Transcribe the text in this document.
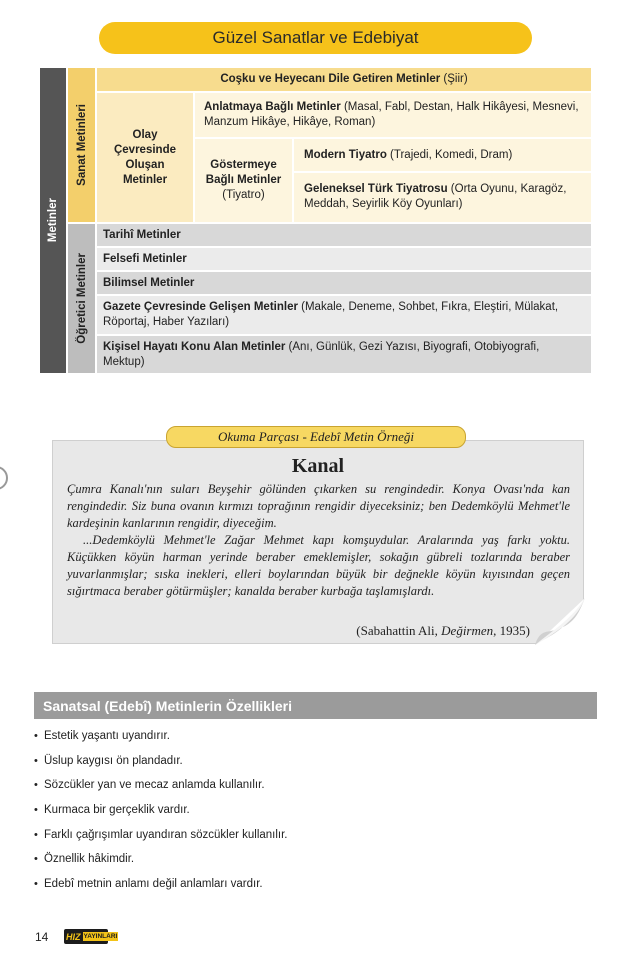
Güzel Sanatlar ve Edebiyat
Metinler
Sanat Metinleri
Öğretici Metinler
Coşku ve Heyecanı Dile Getiren Metinler (Şiir)
Olay Çevresinde Oluşan Metinler
Anlatmaya Bağlı Metinler (Masal, Fabl, Destan, Halk Hikâyesi, Mesnevi, Manzum Hikâye, Hikâye, Roman)
Göstermeye Bağlı Metinler
(Tiyatro)
Modern Tiyatro (Trajedi, Komedi, Dram)
Geleneksel Türk Tiyatrosu (Orta Oyunu, Karagöz, Meddah, Seyirlik Köy Oyunları)
Tarihî Metinler
Felsefi Metinler
Bilimsel Metinler
Gazete Çevresinde Gelişen Metinler (Makale, Deneme, Sohbet, Fıkra, Eleştiri, Mülakat, Röportaj, Haber Yazıları)
Kişisel Hayatı Konu Alan Metinler (Anı, Günlük, Gezi Yazısı, Biyografi, Otobiyografi, Mektup)
Okuma Parçası - Edebî Metin Örneği
Kanal

Çumra Kanalı'nın suları Beyşehir gölünden çıkarken su rengindedir. Konya Ovası'nda kan rengindedir. Siz buna ovanın kırmızı toprağının rengidir diyeceksiniz; ben Dedemköylü Mehmet'le kardeşinin kanlarının rengidir, diyeceğim.

...Dedemköylü Mehmet'le Zağar Mehmet kapı komşuydular. Aralarında yaş farkı yoktu. Küçükken köyün harman yerinde beraber emeklemişler, sokağın gübreli tozlarında beraber yuvarlanmışlar; sıska inekleri, elleri boylarından büyük bir değnekle köyün kıyısından geçen sığırtmaca beraber götürmüşler; kanalda beraber kurbağa taşlamışlardı.

(Sabahattin Ali, Değirmen, 1935)
Sanatsal (Edebî) Metinlerin Özellikleri
• Estetik yaşantı uyandırır.
• Üslup kaygısı ön plandadır.
• Sözcükler yan ve mecaz anlamda kullanılır.
• Kurmaca bir gerçeklik vardır.
• Farklı çağrışımlar uyandıran sözcükler kullanılır.
• Öznellik hâkimdir.
• Edebî metnin anlamı değil anlamları vardır.
14 HIZ YAYINLARI
